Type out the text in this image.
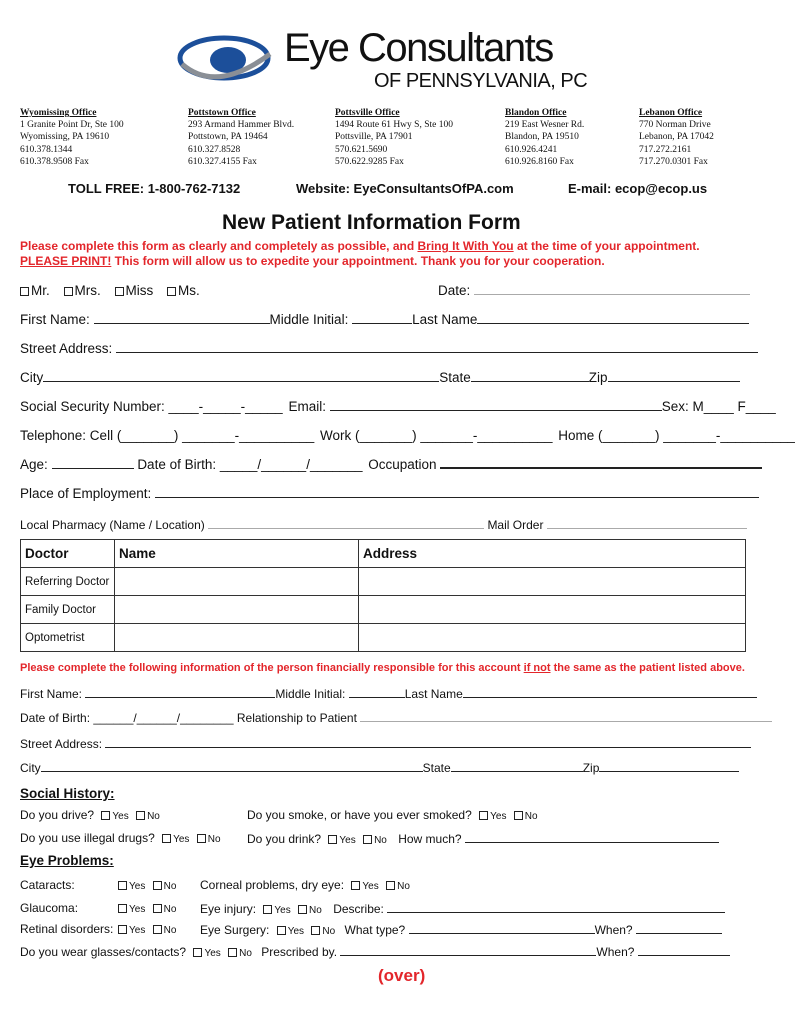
Eye Consultants
OF PENNSYLVANIA, PC
Wyomissing Office
1 Granite Point Dr, Ste 100
Wyomissing, PA 19610
610.378.1344
610.378.9508 Fax
Pottstown Office
293 Armand Hammer Blvd.
Pottstown, PA 19464
610.327.8528
610.327.4155 Fax
Pottsville Office
1494 Route 61 Hwy S, Ste 100
Pottsville, PA 17901
570.621.5690
570.622.9285 Fax
Blandon Office
219 East Wesner Rd.
Blandon, PA 19510
610.926.4241
610.926.8160 Fax
Lebanon Office
770 Norman Drive
Lebanon, PA 17042
717.272.2161
717.270.0301 Fax
TOLL FREE: 1-800-762-7132	Website: EyeConsultantsOfPA.com	E-mail: ecop@ecop.us
New Patient Information Form
Please complete this form as clearly and completely as possible, and Bring It With You at the time of your appointment.
PLEASE PRINT! This form will allow us to expedite your appointment. Thank you for your cooperation.
Mr. Mrs. Miss Ms.	Date:
First Name:	Middle Initial:	Last Name
Street Address:
City	State	Zip
Social Security Number: ____-_____-_____ Email:	Sex: M____ F____
Telephone: Cell (_______) _______-__________ Work (_______) _______-__________ Home (_______) _______-__________
Age:	Date of Birth: _____/______/_______ Occupation
Place of Employment:
Local Pharmacy (Name / Location)	Mail Order
Doctor	Name	Address
Referring Doctor		
Family Doctor		
Optometrist		
Please complete the following information of the person financially responsible for this account if not the same as the patient listed above.
First Name:	Middle Initial:	Last Name
Date of Birth: ______/______/________ Relationship to Patient
Street Address:
City	State	Zip
Social History:
Do you drive? Yes No	Do you smoke, or have you ever smoked? Yes No
Do you use illegal drugs? Yes No Do you drink? Yes No How much?
Eye Problems:
Cataracts:	Yes No Corneal problems, dry eye: Yes No
Glaucoma:	Yes No Eye injury: Yes No Describe:
Retinal disorders:	Yes No Eye Surgery: Yes No What type?	When?
Do you wear glasses/contacts? Yes No Prescribed by.	When?
(over)
